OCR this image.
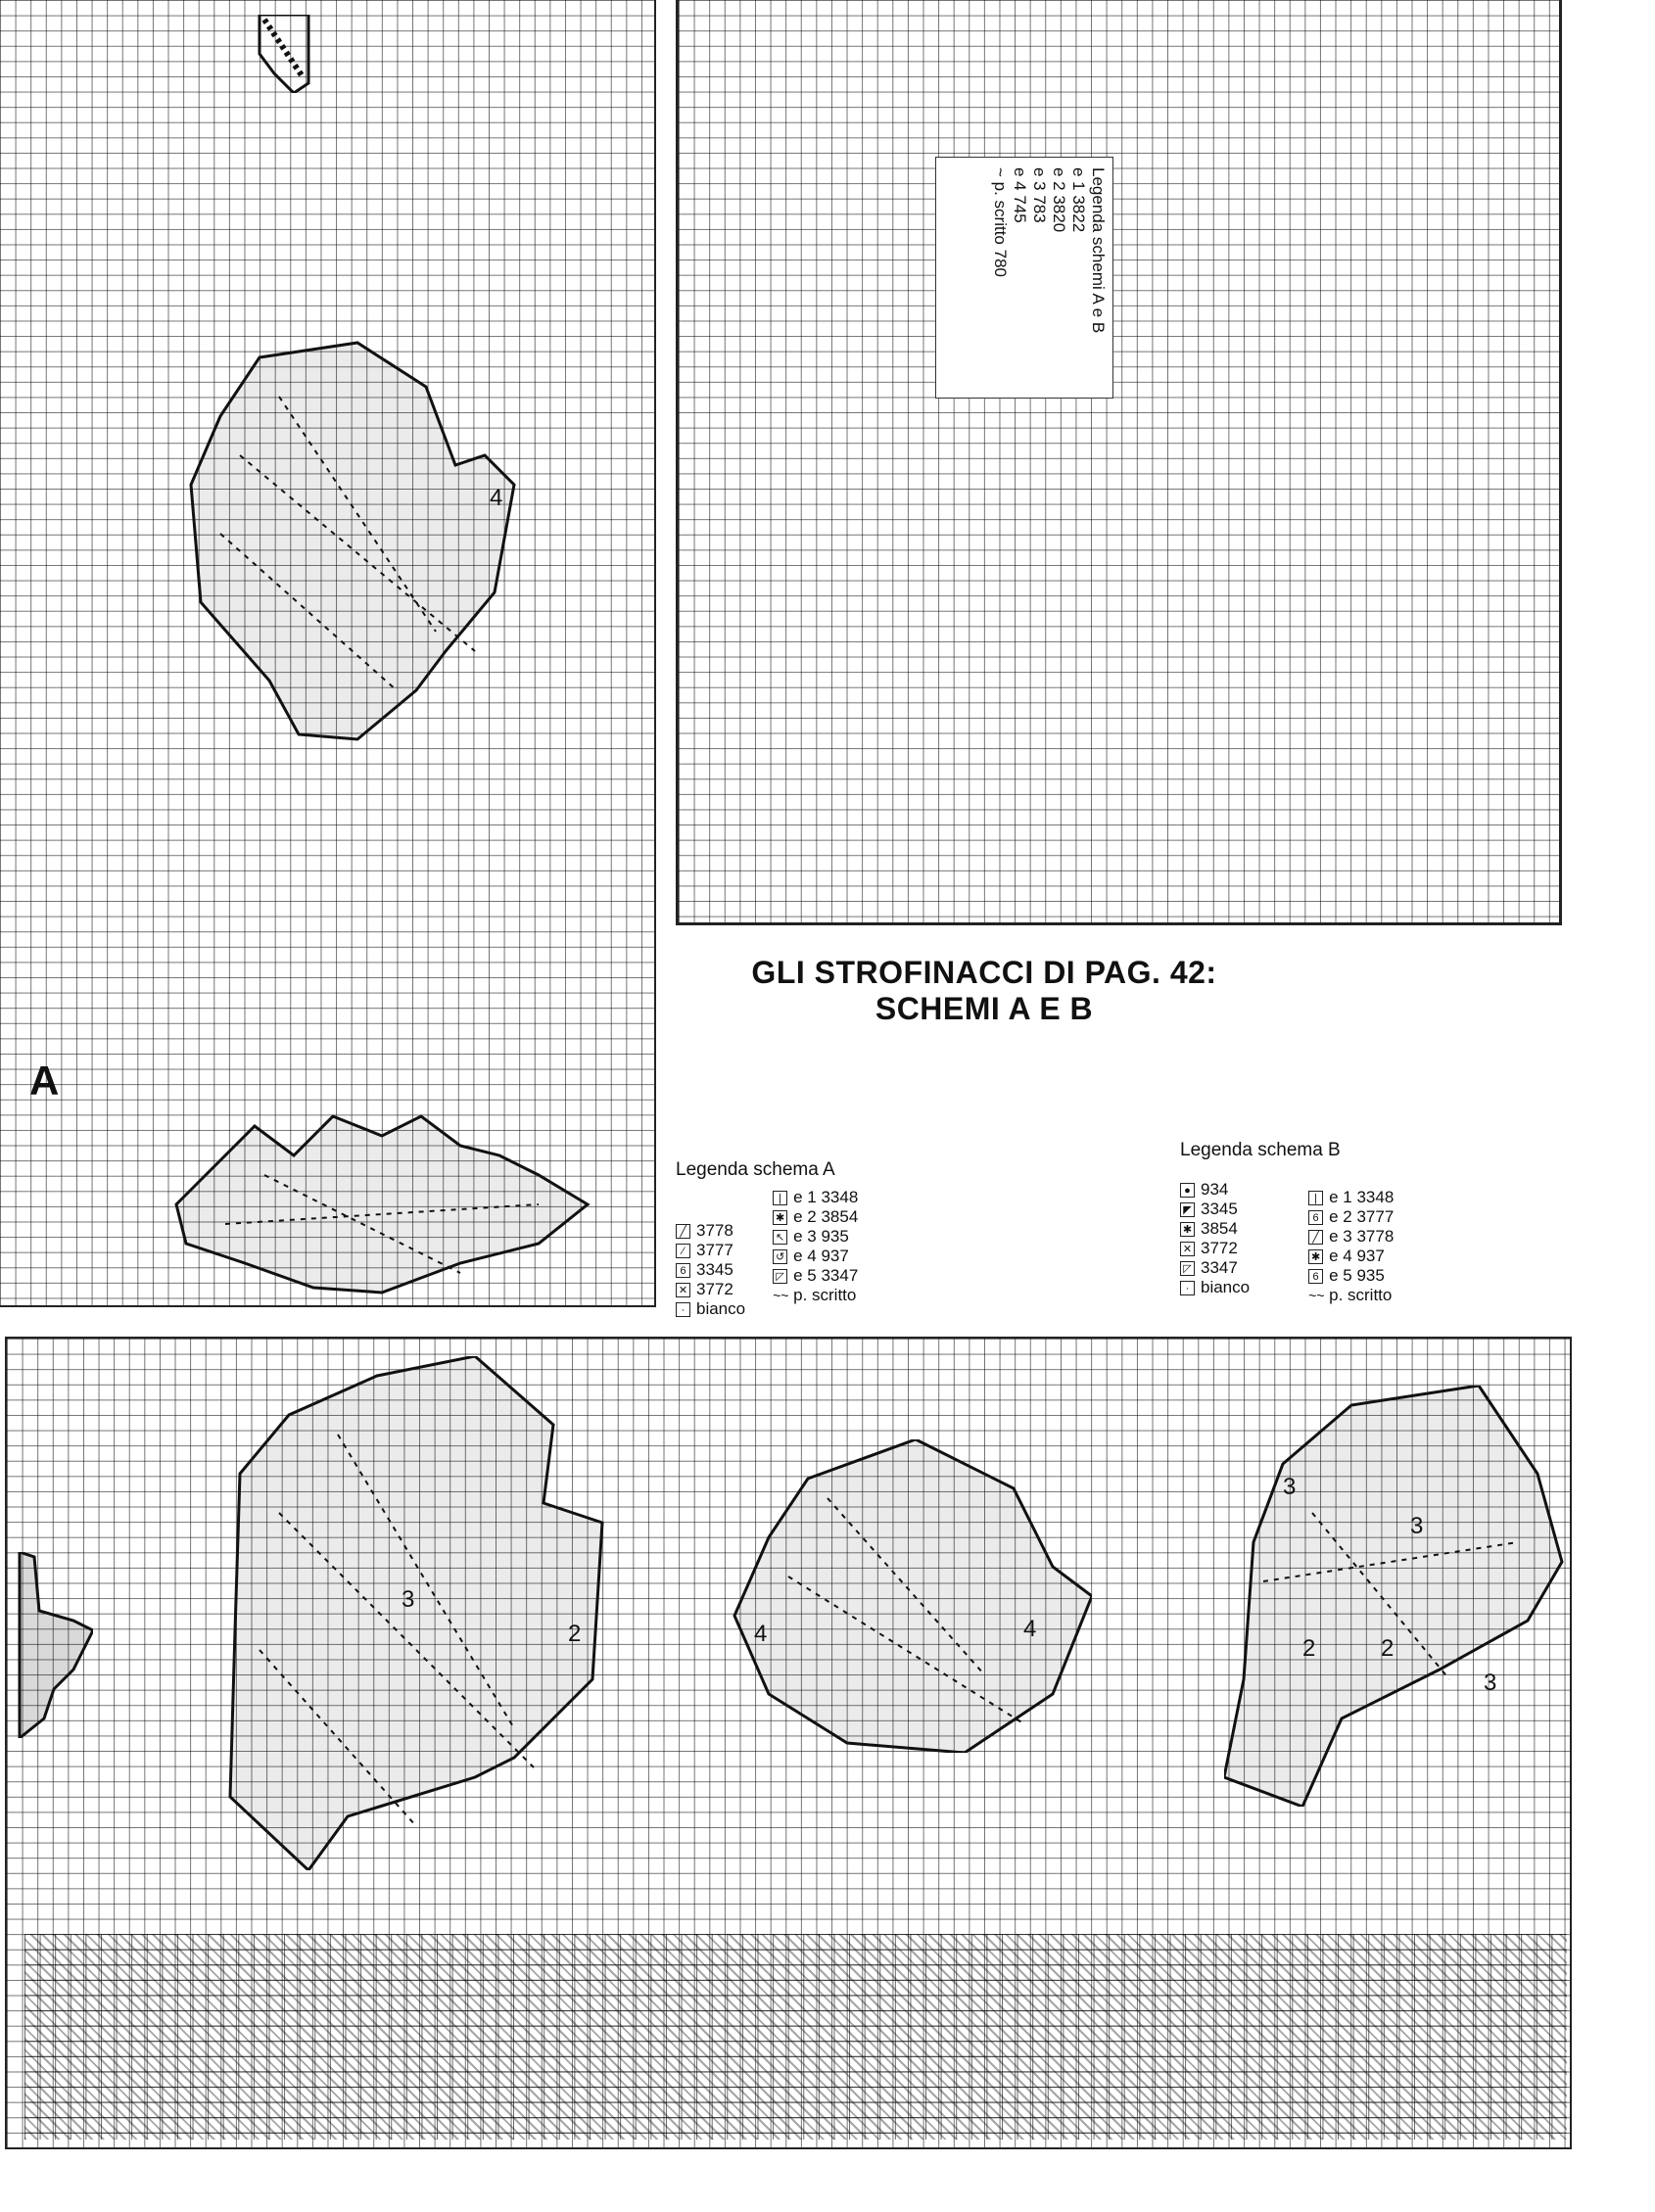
4
Legenda schemi A e B
e 1 3822
e 2 3820
e 3 783
e 4 745
~ p. scritto 780
GLI STROFINACCI DI PAG. 42:
SCHEMI A E B
A
Legenda schema A
╱ 3778
⁄ 3777
6 3345
✕ 3772
· bianco
| e 1 3348
✱ e 2 3854
↖ e 3 935
↺ e 4 937
◸ e 5 3347
~~ p. scritto
Legenda schema B
● 934
◤ 3345
✱ 3854
✕ 3772
◸ 3347
· bianco
| e 1 3348
6 e 2 3777
╱ e 3 3778
✱ e 4 937
6 e 5 935
~~ p. scritto
3
2	4	4
3
2
3
2
3
